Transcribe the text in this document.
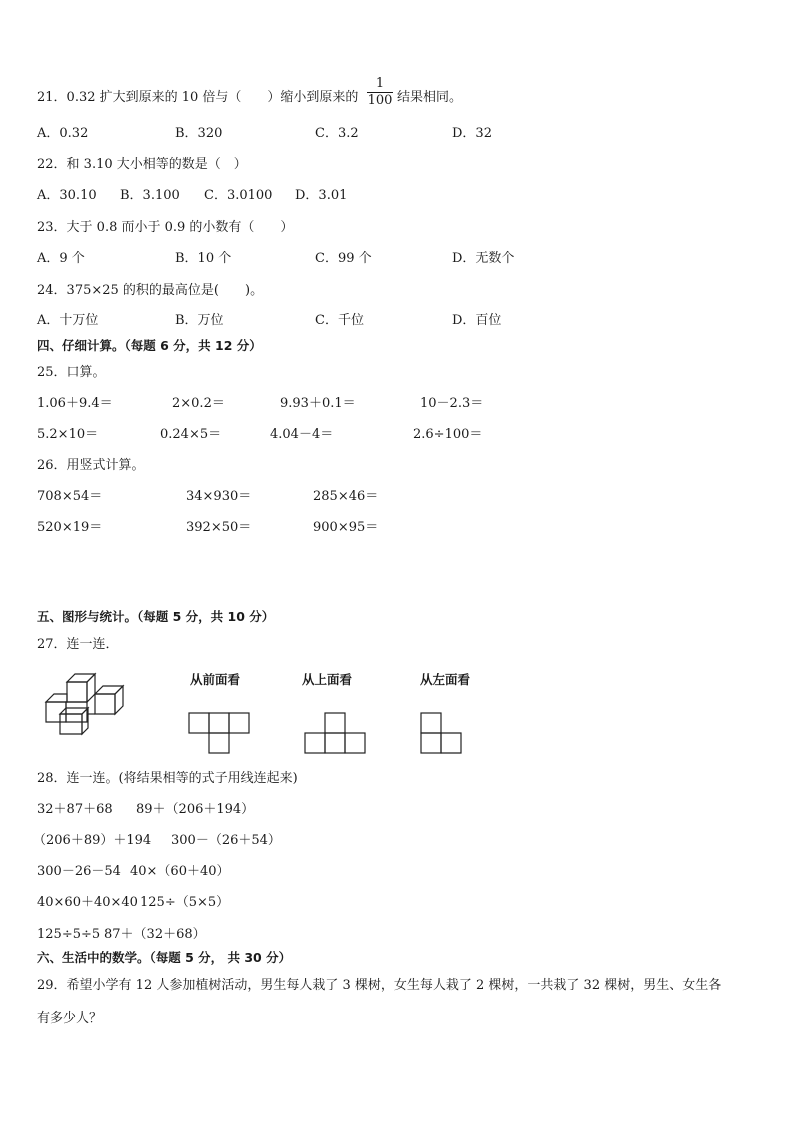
21．0.32 扩大到原来的 10 倍与（　　）缩小到原来的
1
100 结果相同。
A．0.32	B．320	C．3.2	D．32
22．和 3.10 大小相等的数是（　）
A．30.10 B．3.100 C．3.0100 D．3.01
23．大于 0.8 而小于 0.9 的小数有（　　）
A．9 个	B．10 个	C．99 个	D．无数个
24．375×25 的积的最高位是(　　)。
A．十万位	B．万位	C．千位	D．百位
四、仔细计算。（每题 6 分，共 12 分）
25．口算。
1.06＋9.4＝	2×0.2＝	9.93＋0.1＝	10－2.3＝
5.2×10＝	0.24×5＝	4.04－4＝	2.6÷100＝
26．用竖式计算。
708×54＝	34×930＝	285×46＝
520×19＝	392×50＝	900×95＝
五、图形与统计。（每题 5 分，共 10 分）
27．连一连．
从前面看	从上面看	从左面看
28．连一连。(将结果相等的式子用线连起来)
32＋87＋68 89＋（206＋194）
（206＋89）＋194 300－（26＋54）
300－26－54 40×（60＋40）
40×60＋40×40 125÷（5×5）
125÷5÷5 87＋（32＋68）
六、生活中的数学。（每题 5 分， 共 30 分）
29．希望小学有 12 人参加植树活动，男生每人栽了 3 棵树，女生每人栽了 2 棵树，一共栽了 32 棵树，男生、女生各
有多少人？
